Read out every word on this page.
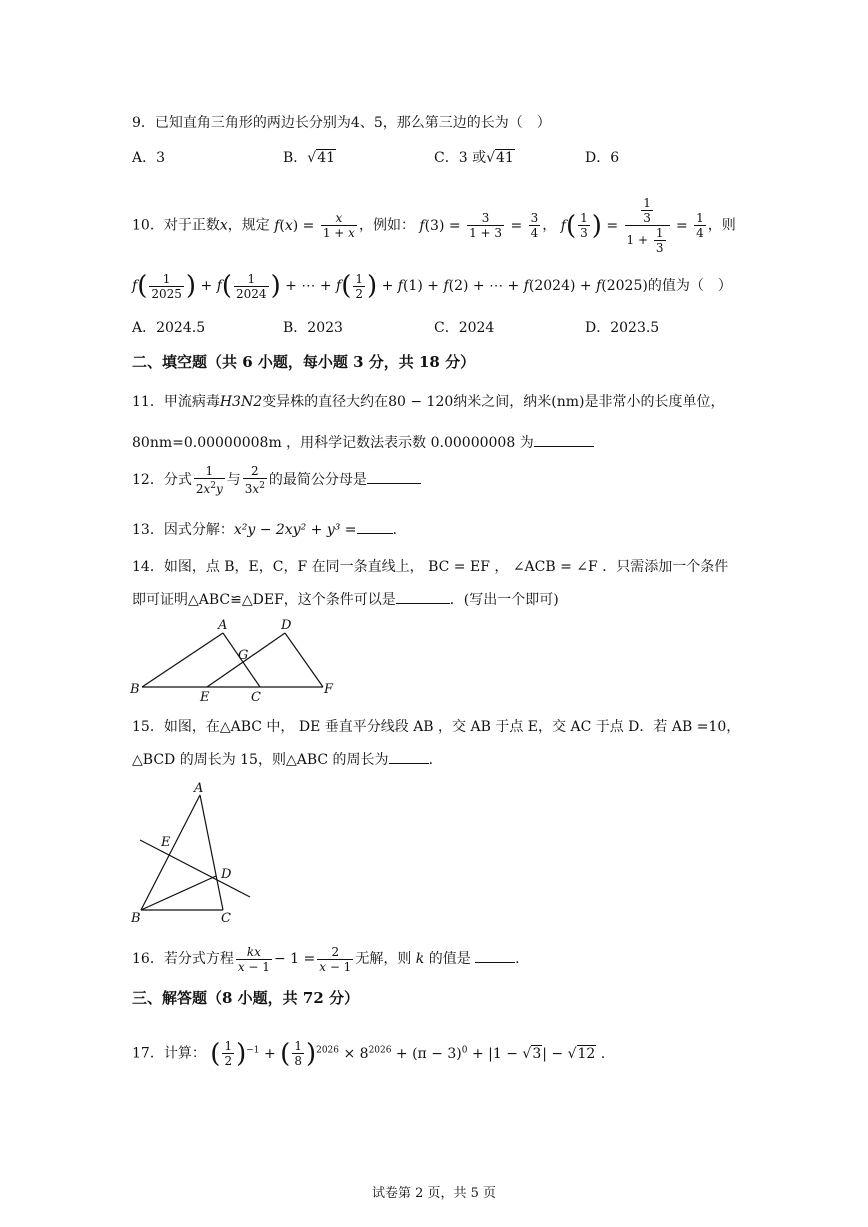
9．已知直角三角形的两边长分别为4、5，那么第三边的长为（　）
A．3	B．√41	C．3 或√41	D．6
10．对于正数x，规定 $f(x) = \frac{x}{1 + x}$ ，例如： $f(3) = \frac{3}{1 + 3} = \frac{3}{4}$ ， $f( \frac{1}{3}$ ) = $\frac{\frac{1}{3}}{1 + \frac{1}{3}} = \frac{1}{4}$ ，则
$f( \frac{1}{2025}$ ) + $f( \frac{1}{2024}$ ) + ⋯ + $f( \frac{1}{2}$ ) + f(1) + f(2) + ⋯ + f(2024) + f(2025)的值为（　）
A．2024.5	B．2023	C．2024	D．2023.5
二、填空题（共 6 小题，每小题 3 分，共 18 分）
11．甲流病毒H3N2变异株的直径大约在80 − 120纳米之间，纳米(nm)是非常小的长度单位，
80nm=0.00000008m ，用科学记数法表示数 0.00000008 为
12．分式 $\frac{1}{2x^2y}$ 与 $\frac{2}{3x^2}$ 的最简公分母是
13．因式分解：x²y − 2xy² + y³ =	.
14．如图，点 B，E，C，F 在同一条直线上， BC = EF ， ∠ACB = ∠F ．只需添加一个条件
即可证明△ABC≌△DEF，这个条件可以是	．(写出一个即可)
A	D
G
B
E	C
F
15．如图，在△ABC 中， DE 垂直平分线段 AB ，交 AB 于点 E，交 AC 于点 D．若 AB =10，
△BCD 的周长为 15，则△ABC 的周长为	.
A
E
D
B	C
16．若分式方程 $\frac{kx}{x - 1} - 1 = \frac{2}{x - 1}$ 无解，则 k 的值是	.
三、解答题（8 小题，共 72 分）
17．计算： ( $\frac{1}{2} )^{-1}$ + ( $\frac{1}{8} )^{2026} \times 8^{2026} + (\pi - 3)^0 + |1 - √3| - √12$ .
试卷第 2 页，共 5 页
